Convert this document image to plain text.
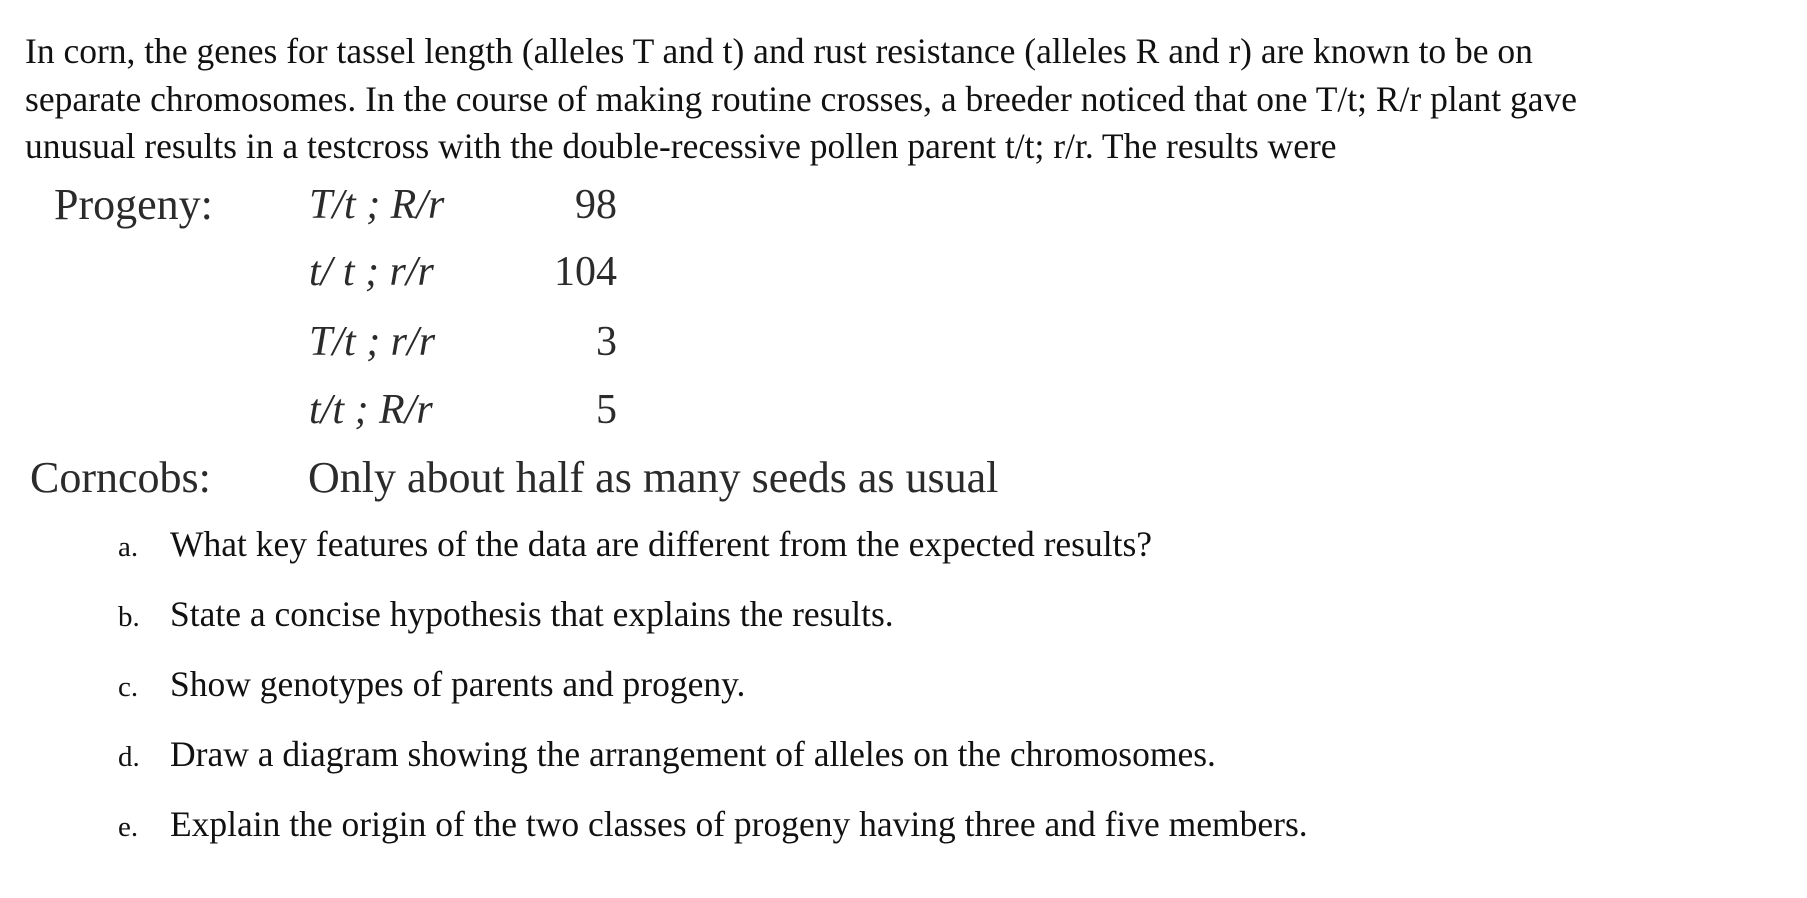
In corn, the genes for tassel length (alleles T and t) and rust resistance (alleles R and r) are known to be on
separate chromosomes. In the course of making routine crosses, a breeder noticed that one T/t; R/r plant gave
unusual results in a testcross with the double-recessive pollen parent t/t; r/r. The results were
Progeny: T/t ; R/r	98
t/ t ; r/r	104
T/t ; r/r	3
t/t ; R/r	5
Corncobs: Only about half as many seeds as usual
a. What key features of the data are different from the expected results?
b. State a concise hypothesis that explains the results.
c. Show genotypes of parents and progeny.
d. Draw a diagram showing the arrangement of alleles on the chromosomes.
e. Explain the origin of the two classes of progeny having three and five members.
